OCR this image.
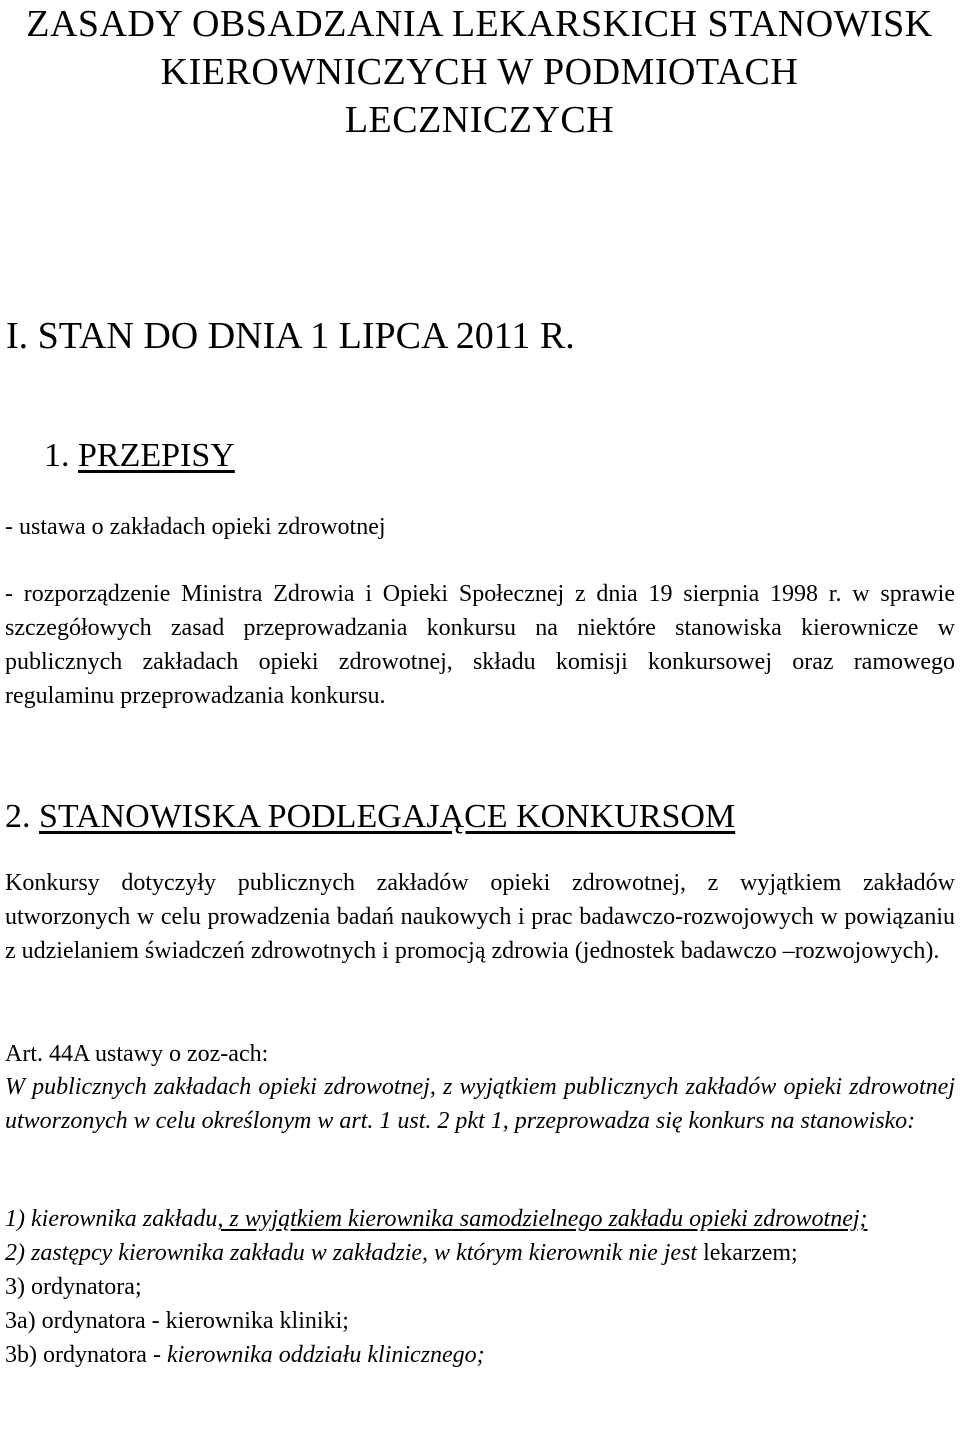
ZASADY OBSADZANIA LEKARSKICH STANOWISK
KIEROWNICZYCH W PODMIOTACH
LECZNICZYCH
I. STAN DO DNIA 1 LIPCA 2011 R.
1. PRZEPISY

- ustawa o zakładach opieki zdrowotnej

- rozporządzenie Ministra Zdrowia i Opieki Społecznej z dnia 19 sierpnia 1998 r. w sprawie szczegółowych zasad przeprowadzania konkursu na niektóre stanowiska kierownicze w publicznych zakładach opieki zdrowotnej, składu komisji konkursowej oraz ramowego regulaminu przeprowadzania konkursu.

2. STANOWISKA PODLEGAJĄCE KONKURSOM

Konkursy dotyczyły publicznych zakładów opieki zdrowotnej, z wyjątkiem zakładów utworzonych w celu prowadzenia badań naukowych i prac badawczo-rozwojowych w powiązaniu z udzielaniem świadczeń zdrowotnych i promocją zdrowia (jednostek badawczo –rozwojowych).

Art. 44A ustawy o zoz-ach:

W publicznych zakładach opieki zdrowotnej, z wyjątkiem publicznych zakładów opieki zdrowotnej utworzonych w celu określonym w art. 1 ust. 2 pkt 1, przeprowadza się konkurs na stanowisko:

1) kierownika zakładu, z wyjątkiem kierownika samodzielnego zakładu opieki zdrowotnej;
2) zastępcy kierownika zakładu w zakładzie, w którym kierownik nie jest lekarzem;
3) ordynatora;
3a) ordynatora - kierownika kliniki;
3b) ordynatora - kierownika oddziału klinicznego;
